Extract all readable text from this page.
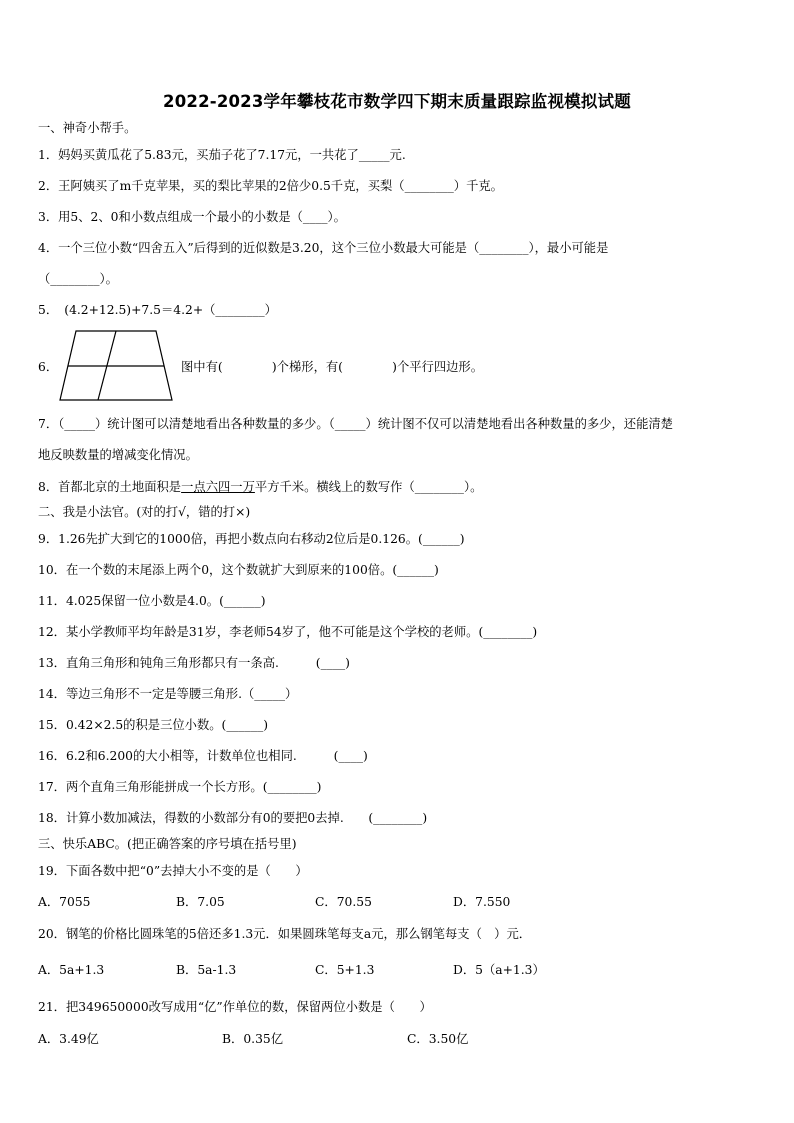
2022-2023学年攀枝花市数学四下期末质量跟踪监视模拟试题
一、神奇小帮手。
1．妈妈买黄瓜花了5.83元，买茄子花了7.17元，一共花了_____元.
2．王阿姨买了m千克苹果，买的梨比苹果的2倍少0.5千克，买梨（________）千克。
3．用5、2、0和小数点组成一个最小的小数是（____）。
4．一个三位小数“四舍五入”后得到的近似数是3.20，这个三位小数最大可能是（________），最小可能是
（________）。
5．　(4.2+12.5)+7.5＝4.2+（________）
6．	图中有(　　　　)个梯形，有(　　　　)个平行四边形。
7．（_____）统计图可以清楚地看出各种数量的多少。（_____）统计图不仅可以清楚地看出各种数量的多少，还能清楚
地反映数量的增减变化情况。
8．首都北京的土地面积是一点六四一万平方千米。横线上的数写作（________）。
二、我是小法官。(对的打√，错的打×)
9．1.26先扩大到它的1000倍，再把小数点向右移动2位后是0.126。(______)
10．在一个数的末尾添上两个0，这个数就扩大到原来的100倍。(______)
11．4.025保留一位小数是4.0。(______)
12．某小学教师平均年龄是31岁，李老师54岁了，他不可能是这个学校的老师。(________)
13．直角三角形和钝角三角形都只有一条高.　　　(____)
14．等边三角形不一定是等腰三角形.（_____）
15．0.42×2.5的积是三位小数。(______)
16．6.2和6.200的大小相等，计数单位也相同.　　　(____)
17．两个直角三角形能拼成一个长方形。(________)
18．计算小数加减法，得数的小数部分有0的要把0去掉.　　(________)
三、快乐ABC。(把正确答案的序号填在括号里)
19．下面各数中把“0”去掉大小不变的是（　　）
A．7055	B．7.05	C．70.55	D．7.550
20．钢笔的价格比圆珠笔的5倍还多1.3元．如果圆珠笔每支a元，那么钢笔每支（　）元．
A．5a+1.3	B．5a-1.3	C．5+1.3	D．5（a+1.3）
21．把349650000改写成用“亿”作单位的数，保留两位小数是（　　）
A．3.49亿	B．0.35亿	C．3.50亿
